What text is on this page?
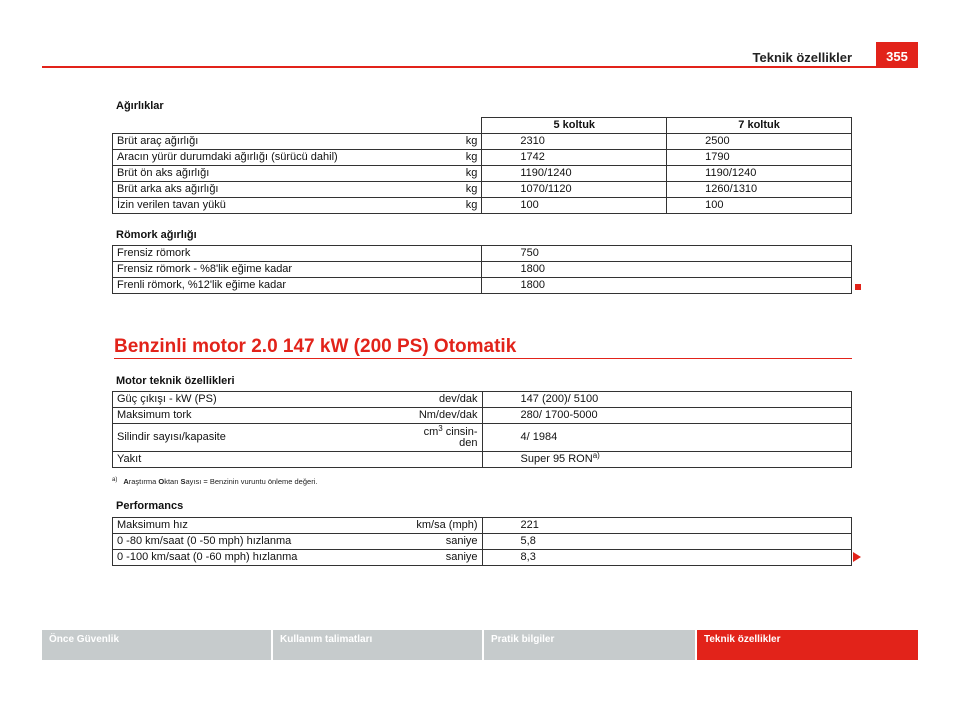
Teknik özellikler	355
Ağırlıklar
	5 koltuk	7 koltuk

Brüt araç ağırlığı kg	2310	2500

Aracın yürür durumdaki ağırlığı (sürücü dahil) kg	1742	1790

Brüt ön aks ağırlığı kg	1190/1240	1190/1240

Brüt arka aks ağırlığı kg	1070/1120	1260/1310

İzin verilen tavan yükü kg	100	100
Römork ağırlığı
Frensiz römork	750
Frensiz römork - %8'lik eğime kadar	1800
Frenli römork, %12'lik eğime kadar	1800
Benzinli motor 2.0 147 kW (200 PS) Otomatik
Motor teknik özellikleri
Güç çıkışı - kW (PS) dev/dak	147 (200)/ 5100

Maksimum tork Nm/dev/dak	280/ 1700-5000

Silindir sayısı/kapasite $cm^3$ cinsin-
den	4/ 1984
Yakıt	Super 95 RON$^{a)}$
$^{a)}$ Araştırma Oktan Sayısı = Benzinin vuruntu önleme değeri.
Performancs
Maksimum hız km/sa (mph)	221

0 -80 km/saat (0 -50 mph) hızlanma saniye	5,8

0 -100 km/saat (0 -60 mph) hızlanma saniye	8,3
Önce Güvenlik	Kullanım talimatları	Pratik bilgiler	Teknik özellikler
